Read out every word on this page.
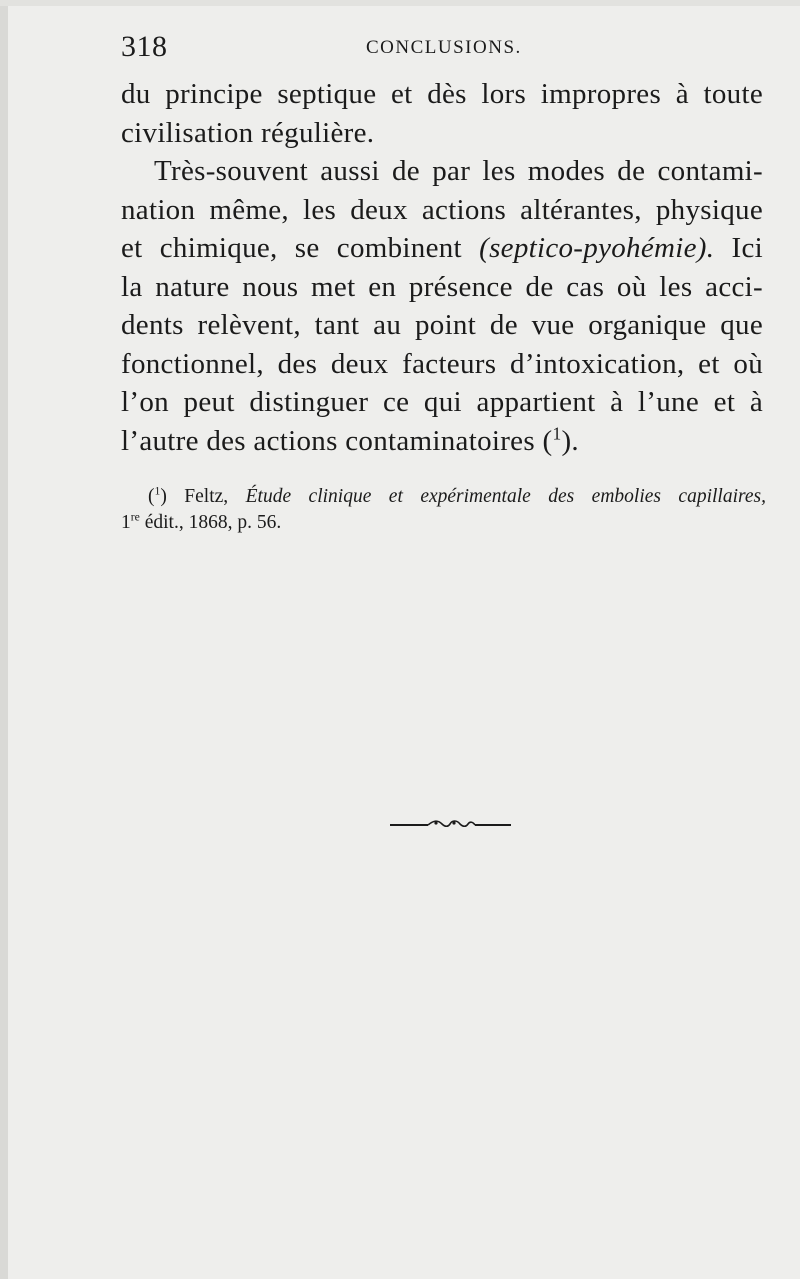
318	CONCLUSIONS.
du principe septique et dès lors impropres à toute
civilisation régulière.
Très-souvent aussi de par les modes de contami-
nation même, les deux actions altérantes, physique
et chimique, se combinent (septico-pyohémie). Ici
la nature nous met en présence de cas où les acci-
dents relèvent, tant au point de vue organique que
fonctionnel, des deux facteurs d’intoxication, et où
l’on peut distinguer ce qui appartient à l’une et à
l’autre des actions contaminatoires ($^1$).
($^1$) Feltz, Étude clinique et expérimentale des embolies capillaires,
1re édit., 1868, p. 56.
